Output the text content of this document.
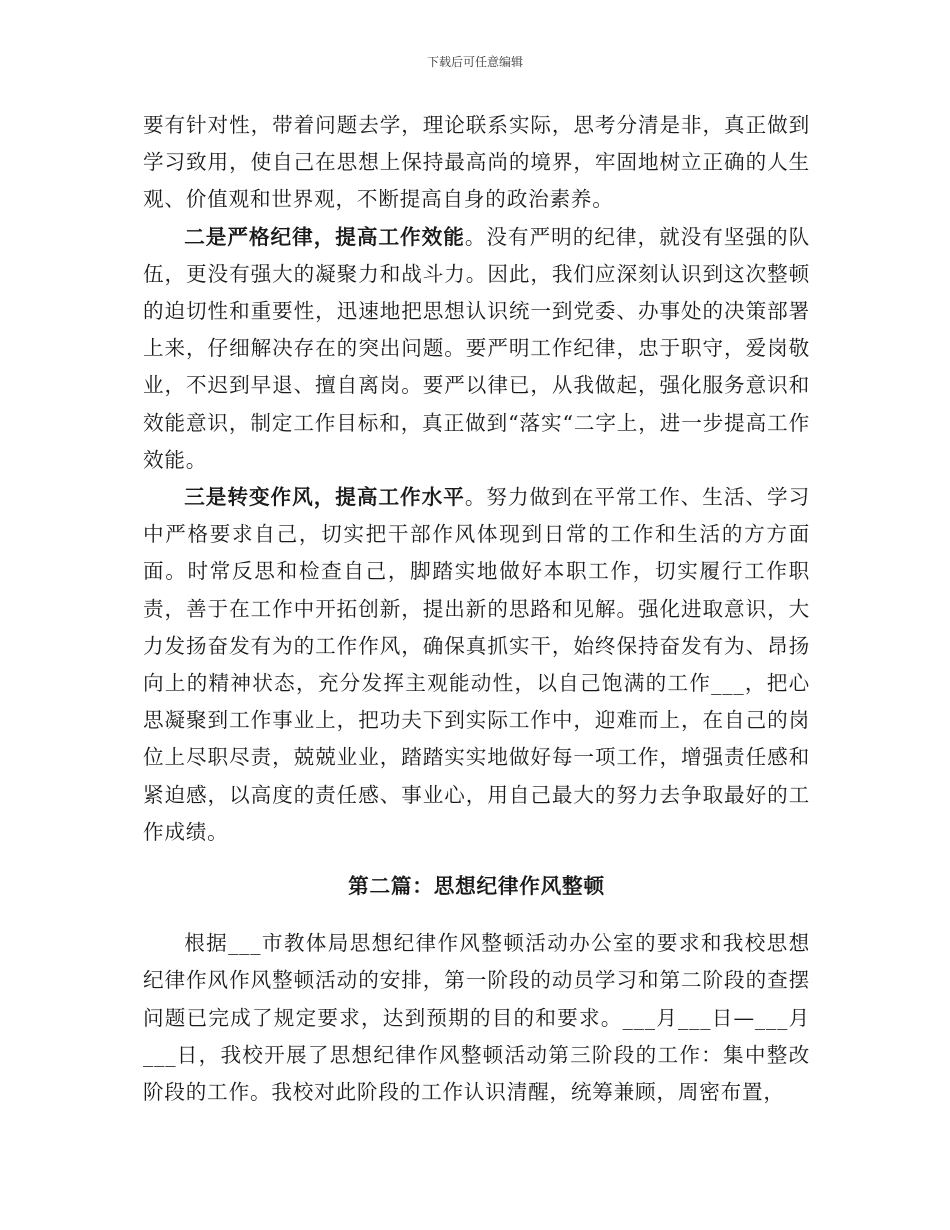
下载后可任意编辑

要有针对性，带着问题去学，理论联系实际，思考分清是非，真正做到学习致用，使自己在思想上保持最高尚的境界，牢固地树立正确的人生观、价值观和世界观，不断提高自身的政治素养。

二是严格纪律，提高工作效能。没有严明的纪律，就没有坚强的队伍，更没有强大的凝聚力和战斗力。因此，我们应深刻认识到这次整顿的迫切性和重要性，迅速地把思想认识统一到党委、办事处的决策部署上来，仔细解决存在的突出问题。要严明工作纪律，忠于职守，爱岗敬业，不迟到早退、擅自离岗。要严以律已，从我做起，强化服务意识和效能意识，制定工作目标和，真正做到“落实“二字上，进一步提高工作效能。

三是转变作风，提高工作水平。努力做到在平常工作、生活、学习中严格要求自己，切实把干部作风体现到日常的工作和生活的方方面面。时常反思和检查自己，脚踏实地做好本职工作，切实履行工作职责，善于在工作中开拓创新，提出新的思路和见解。强化进取意识，大力发扬奋发有为的工作作风，确保真抓实干，始终保持奋发有为、昂扬向上的精神状态，充分发挥主观能动性，以自己饱满的工作___，把心思凝聚到工作事业上，把功夫下到实际工作中，迎难而上，在自己的岗位上尽职尽责，兢兢业业，踏踏实实地做好每一项工作，增强责任感和紧迫感，以高度的责任感、事业心，用自己最大的努力去争取最好的工作成绩。

第二篇：思想纪律作风整顿

根据___市教体局思想纪律作风整顿活动办公室的要求和我校思想纪律作风作风整顿活动的安排，第一阶段的动员学习和第二阶段的查摆问题已完成了规定要求，达到预期的目的和要求。___月___日—___月___日，我校开展了思想纪律作风整顿活动第三阶段的工作：集中整改阶段的工作。我校对此阶段的工作认识清醒，统筹兼顾，周密布置，
